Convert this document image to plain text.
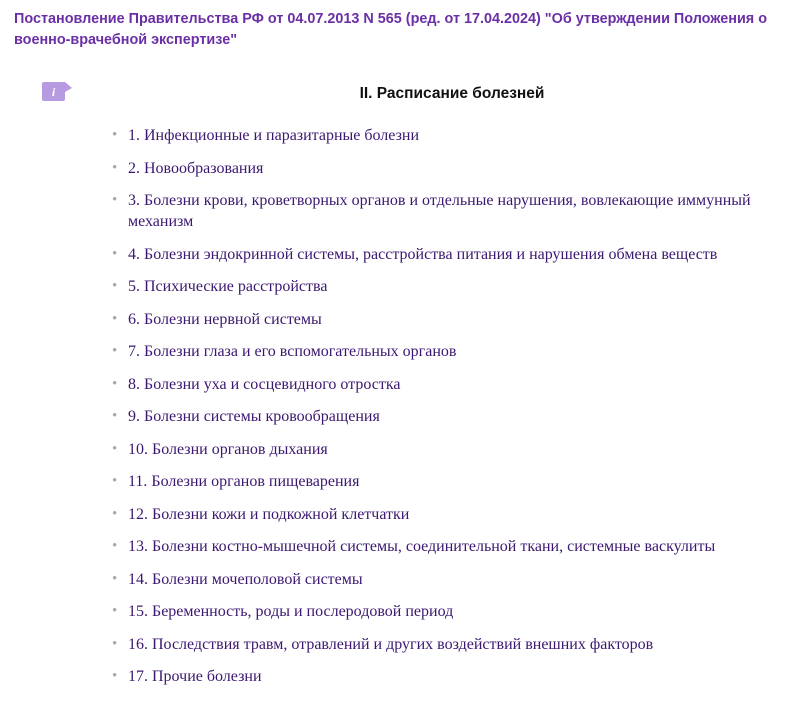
Постановление Правительства РФ от 04.07.2013 N 565 (ред. от 17.04.2024) "Об утверждении Положения о военно-врачебной экспертизе"
i	II. Расписание болезней
• 1. Инфекционные и паразитарные болезни
• 2. Новообразования
• 3. Болезни крови, кроветворных органов и отдельные нарушения, вовлекающие иммунный механизм
• 4. Болезни эндокринной системы, расстройства питания и нарушения обмена веществ
• 5. Психические расстройства
• 6. Болезни нервной системы
• 7. Болезни глаза и его вспомогательных органов
• 8. Болезни уха и сосцевидного отростка
• 9. Болезни системы кровообращения
• 10. Болезни органов дыхания
• 11. Болезни органов пищеварения
• 12. Болезни кожи и подкожной клетчатки
• 13. Болезни костно-мышечной системы, соединительной ткани, системные васкулиты
• 14. Болезни мочеполовой системы
• 15. Беременность, роды и послеродовой период
• 16. Последствия травм, отравлений и других воздействий внешних факторов
• 17. Прочие болезни
